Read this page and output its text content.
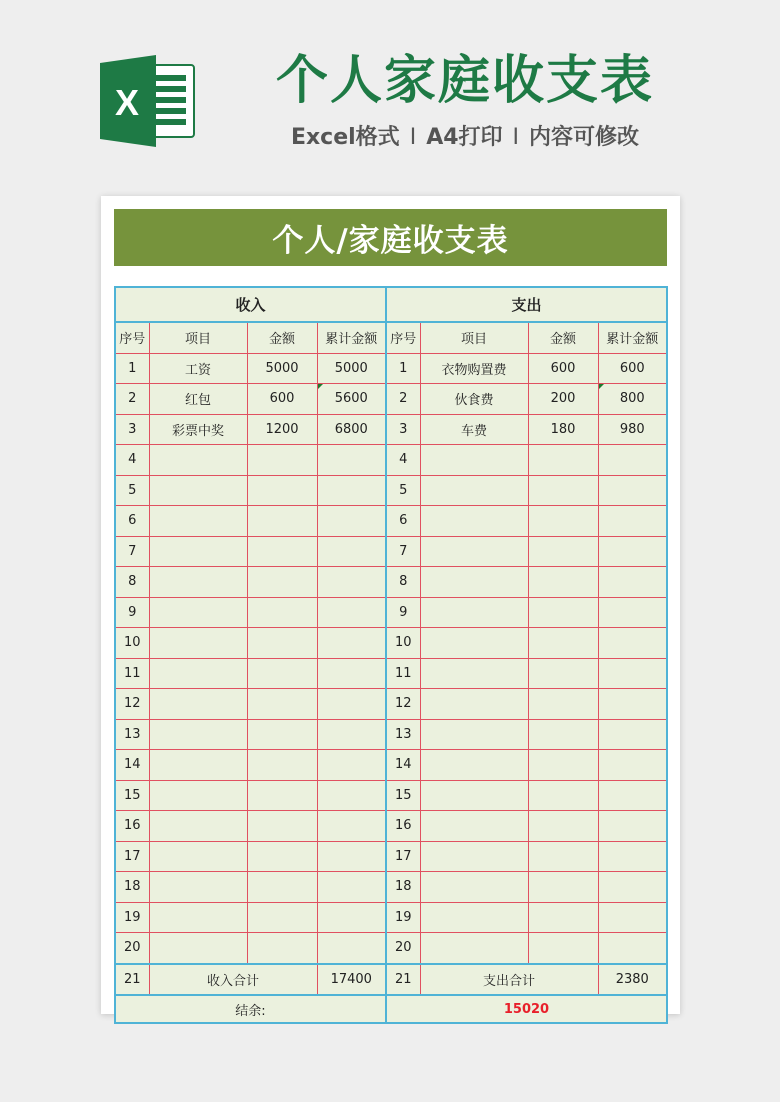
X	个人家庭收支表
Excel格式 I A4打印 I 内容可修改
个人/家庭收支表
收入				支出			
序号	项目	金额	累计金额	序号	项目	金额	累计金额
1	工资	5000	5000	1	衣物购置费	600	600
2	红包	600	5600	2	伙食费	200	800

3	彩票中奖	1200	6800	3	车费	180	980
4				4			
5				5			
6				6			
7				7			
8				8			
9				9			
10				10			
11				11			
12				12			
13				13			
14				14			
15				15			
16				16			
17				17			
18				18			
19				19			
20				20			
21	收入合计		17400	21	支出合计		2380
结余:				15020			
